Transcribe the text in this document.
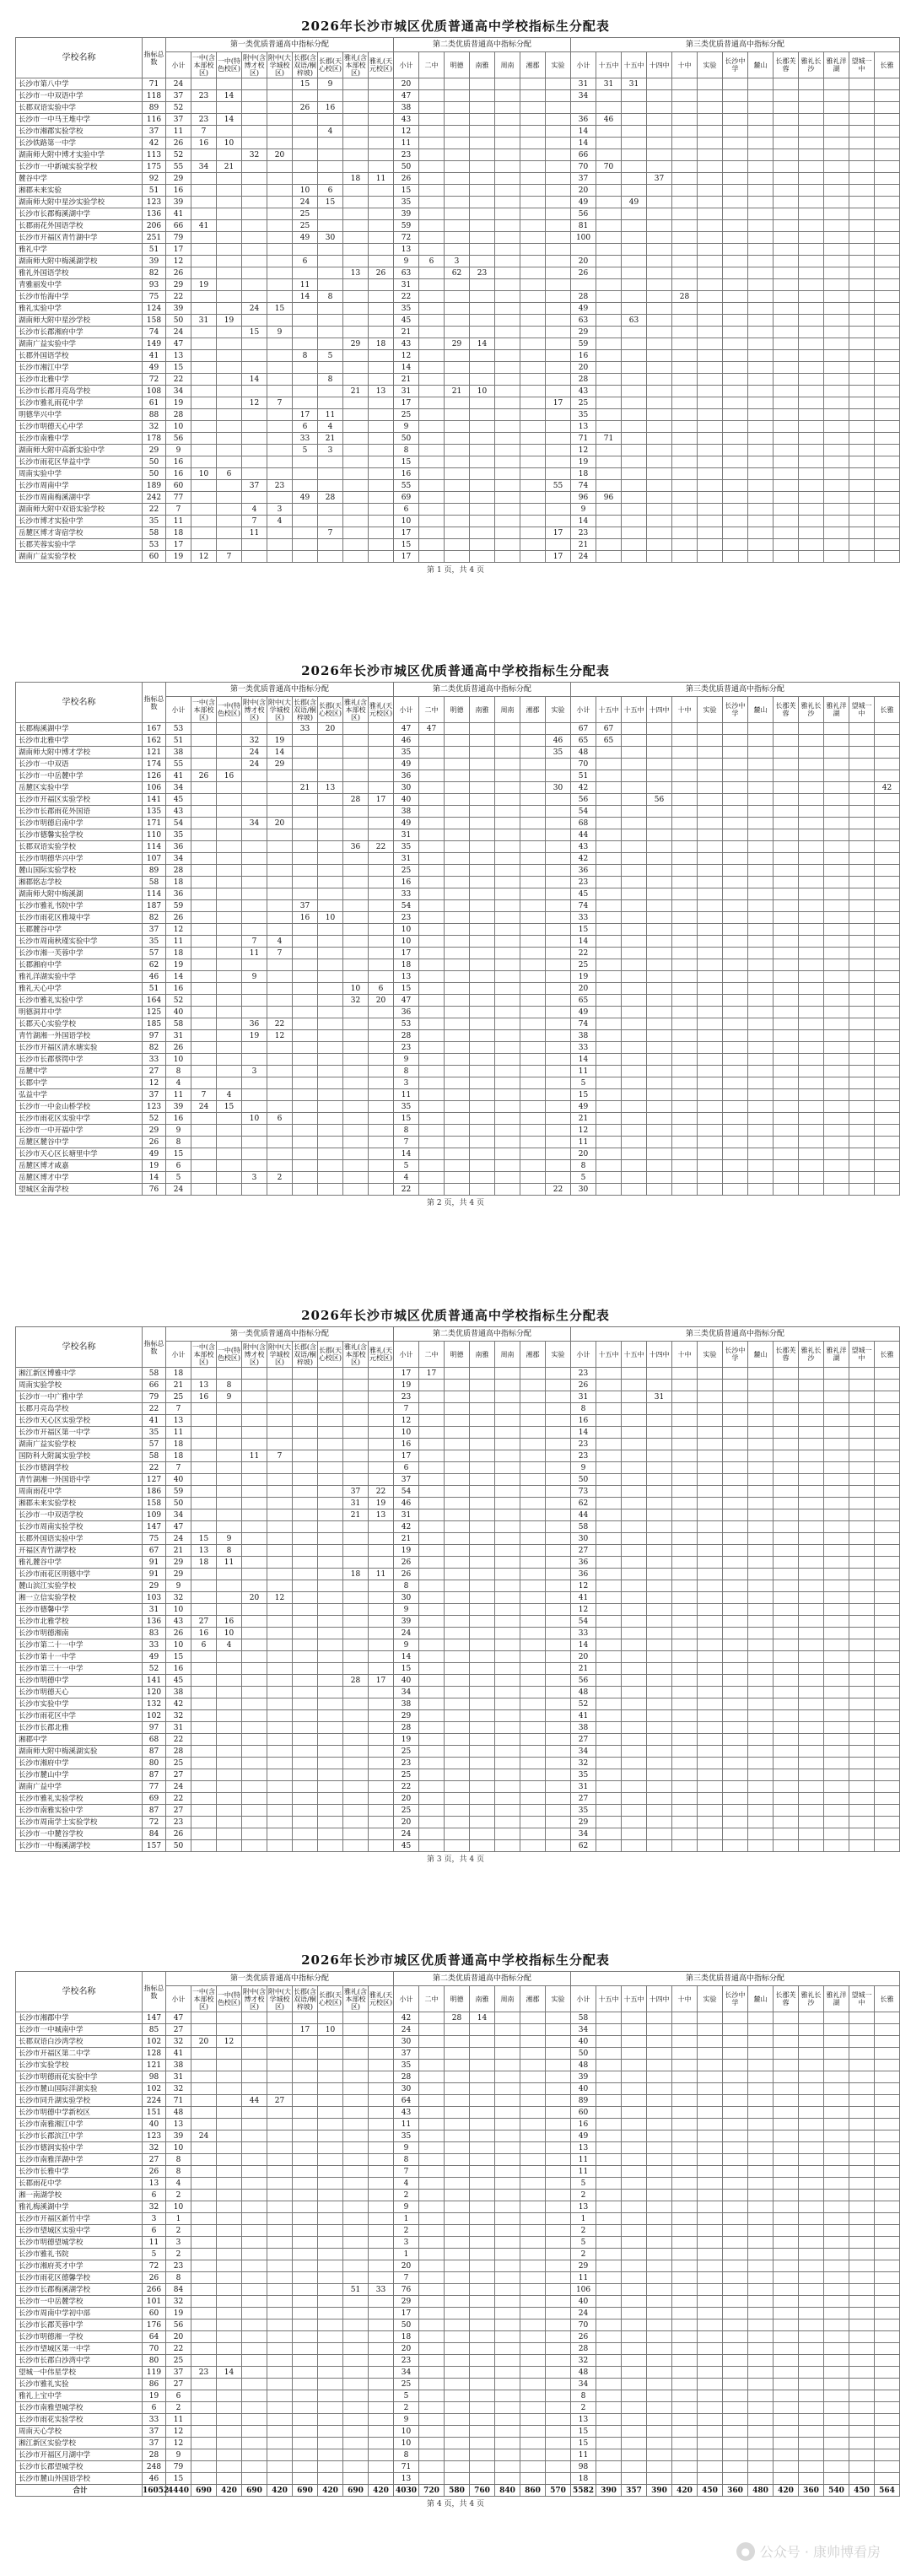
2026年长沙市城区优质普通高中学校指标生分配表
学校名称	指标总数	第一类优质普通高中指标分配									第二类优质普通高中指标分配							第三类优质普通高中指标分配												
		小计	一中(含本部校区)	一中(特色校区)	附中(含博才校区)	附中(大学城校区)	长郡(含双语/桐梓坡)	长郡(天心校区)	雅礼(含本部校区)	雅礼(天元校区)	小计	二中	明德	南雅	周南	湘郡	实验	小计	十五中	十五中	十四中	十中	实验	长沙中学	麓山	长郡芙蓉	雅礼长沙	雅礼洋湖	望城一中	长雅
长沙市第八中学	71	24					15	9			20							31	31	31										
长沙市一中双语中学	118	37	23	14							47							34												
长郡双语实验中学	89	52					26	16			38																			
长沙市一中马王堆中学	116	37	23	14							43							36	46											
长沙市湘郡实验学校	37	11	7					4			12							14												
长沙铁路第一中学	42	26	16	10							11							14												
湖南师大附中博才实验中学	113	52			32	20					23							66												
长沙市一中新城实验学校	175	55	34	21							50							70	70											
麓谷中学	92	29							18	11	26							37			37									
湘郡未来实验	51	16					10	6			15							20												
湖南师大附中星沙实验学校	123	39					24	15			35							49		49										
长沙市长郡梅溪湖中学	136	41					25				39							56												
长郡雨花外国语学校	206	66	41				25				59							81												
长沙市开福区青竹湖中学	251	79					49	30			72							100												
雅礼中学	51	17									13																			
湖南师大附中梅溪湖学校	39	12					6				9	6	3					20												
雅礼外国语学校	82	26							13	26	63		62	23				26												
青雅丽发中学	93	29	19				11				31																			
长沙市怡海中学	75	22					14	8			22							28				28								
雅礼实验中学	124	39			24	15					35							49												
湖南师大附中星沙学校	158	50	31	19							45							63		63										
长沙市长郡湘府中学	74	24			15	9					21							29												
湖南广益实验中学	149	47							29	18	43		29	14				59												
长郡外国语学校	41	13					8	5			12							16												
长沙市湘江中学	49	15									14							20												
长沙市北雅中学	72	22			14			8			21							28												
长沙市长郡月亮岛学校	108	34							21	13	31		21	10				43												
长沙市雅礼雨花中学	61	19			12	7					17						17	25												
明德华兴中学	88	28					17	11			25							35												
长沙市明德天心中学	32	10					6	4			9							13												
长沙市南雅中学	178	56					33	21			50							71	71											
湖南师大附中高新实验中学	29	9					5	3			8							12												
长沙市雨花区华益中学	50	16									15							19												
周南实验中学	50	16	10	6							16							18												
长沙市周南中学	189	60			37	23					55						55	74												
长沙市周南梅溪湖中学	242	77					49	28			69							96	96											
湖南师大附中双语实验学校	22	7			4	3					6							9												
长沙市博才实验中学	35	11			7	4					10							14												
岳麓区博才寄宿学校	58	18			11			7			17						17	23												
长郡芙蓉实验中学	53	17									15							21												
湖南广益实验学校	60	19	12	7							17						17	24												
第 1 页，共 4 页
2026年长沙市城区优质普通高中学校指标生分配表
学校名称	指标总数	第一类优质普通高中指标分配									第二类优质普通高中指标分配							第三类优质普通高中指标分配												
		小计	一中(含本部校区)	一中(特色校区)	附中(含博才校区)	附中(大学城校区)	长郡(含双语/桐梓坡)	长郡(天心校区)	雅礼(含本部校区)	雅礼(天元校区)	小计	二中	明德	南雅	周南	湘郡	实验	小计	十五中	十五中	十四中	十中	实验	长沙中学	麓山	长郡芙蓉	雅礼长沙	雅礼洋湖	望城一中	长雅
长郡梅溪湖中学	167	53					33	20			47	47						67	67											
长沙市北雅中学	162	51			32	19					46						46	65	65											
湖南师大附中博才学校	121	38			24	14					35						35	48												
长沙市一中双语	174	55			24	29					49							70												
长沙市一中岳麓中学	126	41	26	16							36							51												
岳麓区实验中学	106	34					21	13			30						30	42												42
长沙市开福区实验学校	141	45							28	17	40							56			56									
长沙市长郡雨花外国语	135	43									38							54												
长沙市明德启南中学	171	54			34	20					49							68												
长沙市德馨实验学校	110	35									31							44												
长郡双语实验学校	114	36							36	22	35							43												
长沙市明德华兴中学	107	34									31							42												
麓山国际实验学校	89	28									25							36												
湘郡铭志学校	58	18									16							23												
湖南师大附中梅溪湖	114	36									33							45												
长沙市雅礼书院中学	187	59					37				54							74												
长沙市雨花区雅境中学	82	26					16	10			23							33												
长郡麓谷中学	37	12									10							15												
长沙市周南秋瑾实验中学	35	11			7	4					10							14												
长沙市湘一芙蓉中学	57	18			11	7					17							22												
长郡湘府中学	62	19									18							25												
雅礼洋湖实验中学	46	14			9						13							19												
雅礼天心中学	51	16							10	6	15							20												
长沙市雅礼实验中学	164	52							32	20	47							65												
明德洞井中学	125	40									36							49												
长郡天心实验学校	185	58			36	22					53							74												
青竹湖湘一外国语学校	97	31			19	12					28							38												
长沙市开福区清水塘实验	82	26									23							33												
长沙市长郡蔡锷中学	33	10									9							14												
岳麓中学	27	8			3						8							11												
长郡中学	12	4									3							5												
弘益中学	37	11	7	4							11							15												
长沙市一中金山桥学校	123	39	24	15							35							49												
长沙市雨花区实验中学	52	16			10	6					15							21												
长沙市一中开福中学	29	9									8							12												
岳麓区麓谷中学	26	8									7							11												
长沙市天心区长塘里中学	49	15									14							20												
岳麓区博才咸嘉	19	6									5							8												
岳麓区博才中学	14	5			3	2					4							5												
望城区金海学校	76	24									22						22	30												
第 2 页，共 4 页
2026年长沙市城区优质普通高中学校指标生分配表
学校名称	指标总数	第一类优质普通高中指标分配									第二类优质普通高中指标分配							第三类优质普通高中指标分配												
		小计	一中(含本部校区)	一中(特色校区)	附中(含博才校区)	附中(大学城校区)	长郡(含双语/桐梓坡)	长郡(天心校区)	雅礼(含本部校区)	雅礼(天元校区)	小计	二中	明德	南雅	周南	湘郡	实验	小计	十五中	十五中	十四中	十中	实验	长沙中学	麓山	长郡芙蓉	雅礼长沙	雅礼洋湖	望城一中	长雅
湘江新区博雅中学	58	18									17	17						23												
周南实验学校	66	21	13	8							19							26												
长沙市一中广雅中学	79	25	16	9							23							31			31									
长郡月亮岛学校	22	7									7							8												
长沙市天心区实验学校	41	13									12							16												
长沙市开福区第一中学	35	11									10							14												
湖南广益实验学校	57	18									16							23												
国防科大附属实验学校	58	18			11	7					17							23												
长沙市德润学校	22	7									6							9												
青竹湖湘一外国语中学	127	40									37							50												
周南雨花中学	186	59							37	22	54							73												
湘郡未来实验学校	158	50							31	19	46							62												
长沙市一中双语学校	109	34							21	13	31							44												
长沙市周南实验学校	147	47									42							58												
长郡外国语实验中学	75	24	15	9							21							30												
开福区青竹湖学校	67	21	13	8							19							27												
雅礼麓谷中学	91	29	18	11							26							36												
长沙市雨花区明德中学	91	29							18	11	26							36												
麓山滨江实验学校	29	9									8							12												
湘一立信实验学校	103	32			20	12					30							41												
长沙市德馨中学	31	10									9							12												
长沙市北雅学校	136	43	27	16							39							54												
长沙市明德湘南	83	26	16	10							24							33												
长沙市第二十一中学	33	10	6	4							9							14												
长沙市第十一中学	49	15									14							20												
长沙市第三十一中学	52	16									15							21												
长沙市明德中学	141	45							28	17	40							56												
长沙市明德天心	120	38									34							48												
长沙市实验中学	132	42									38							52												
长沙市雨花区中学	102	32									29							41												
长沙市长郡北雅	97	31									28							38												
湘郡中学	68	22									19							27												
湖南师大附中梅溪湖实验	87	28									25							34												
长沙市湘府中学	80	25									23							32												
长沙市麓山中学	87	27									25							35												
湖南广益中学	77	24									22							31												
长沙市雅礼实验学校	69	22									20							27												
长沙市南雅实验中学	87	27									25							35												
长沙市周南学士实验学校	72	23									20							29												
长沙市一中麓谷学校	84	26									24							34												
长沙市一中梅溪湖学校	157	50									45							62												
第 3 页，共 4 页
2026年长沙市城区优质普通高中学校指标生分配表
学校名称	指标总数	第一类优质普通高中指标分配									第二类优质普通高中指标分配							第三类优质普通高中指标分配												
		小计	一中(含本部校区)	一中(特色校区)	附中(含博才校区)	附中(大学城校区)	长郡(含双语/桐梓坡)	长郡(天心校区)	雅礼(含本部校区)	雅礼(天元校区)	小计	二中	明德	南雅	周南	湘郡	实验	小计	十五中	十五中	十四中	十中	实验	长沙中学	麓山	长郡芙蓉	雅礼长沙	雅礼洋湖	望城一中	长雅
长沙市湘郡中学	147	47									42		28	14				58												
长沙市一中城南中学	85	27					17	10			24							34												
长郡双语白沙湾学校	102	32	20	12							30							40												
长沙市开福区第二中学	128	41									37							50												
长沙市实验学校	121	38									35							48												
长沙市明德雨花实验中学	98	31									28							39												
长沙市麓山国际洋湖实验	102	32									30							40												
长沙市同升湖实验学校	224	71			44	27					64							89												
长沙市明德中学新校区	151	48									43							60												
长沙市南雅湘江中学	40	13									11							16												
长沙市长郡滨江中学	123	39	24								35							49												
长沙市德润实验中学	32	10									9							13												
长沙市南雅洋湖中学	27	8									8							11												
长沙市长雅中学	26	8									7							11												
长郡雨花中学	13	4									4							5												
湘一南湖学校	6	2									2							2												
雅礼梅溪湖中学	32	10									9							13												
长沙市开福区新竹中学	3	1									1							1												
长沙市望城区实验中学	6	2									2							2												
长沙市明德望城学校	11	3									3							5												
长沙市雅礼书院	5	2									1							2												
长沙市湘府英才中学	72	23									20							29												
长沙市雨花区德馨学校	26	8									7							11												
长沙市长郡梅溪湖学校	266	84							51	33	76							106												
长沙市一中岳麓学校	101	32									29							40												
长沙市周南中学初中部	60	19									17							24												
长沙市长郡芙蓉中学	176	56									50							70												
长沙市明德湘一学校	64	20									18							26												
长沙市望城区第一中学	70	22									20							28												
长沙市长郡白沙湾中学	80	25									23							32												
望城一中伟星学校	119	37	23	14							34							48												
长沙市雅礼实验	86	27									25							34												
雅礼上宝中学	19	6									5							8												
长沙市南雅望城学校	6	2									2							2												
长沙市雨花实验学校	33	11									9							13												
周南天心学校	37	12									10							15												
湘江新区实验学校	37	12									10							15												
长沙市开福区月湖中学	28	9									8							11												
长沙市长郡望城学校	248	79									71							98												
长沙市麓山外国语学校	46	15									13							18												
合计	16052	4440	690	420	690	420	690	420	690	420	4030	720	580	760	840	860	570	5582	390	357	390	420	450	360	480	420	360	540	450	564
第 4 页，共 4 页
● 公众号 · 康帅博看房
